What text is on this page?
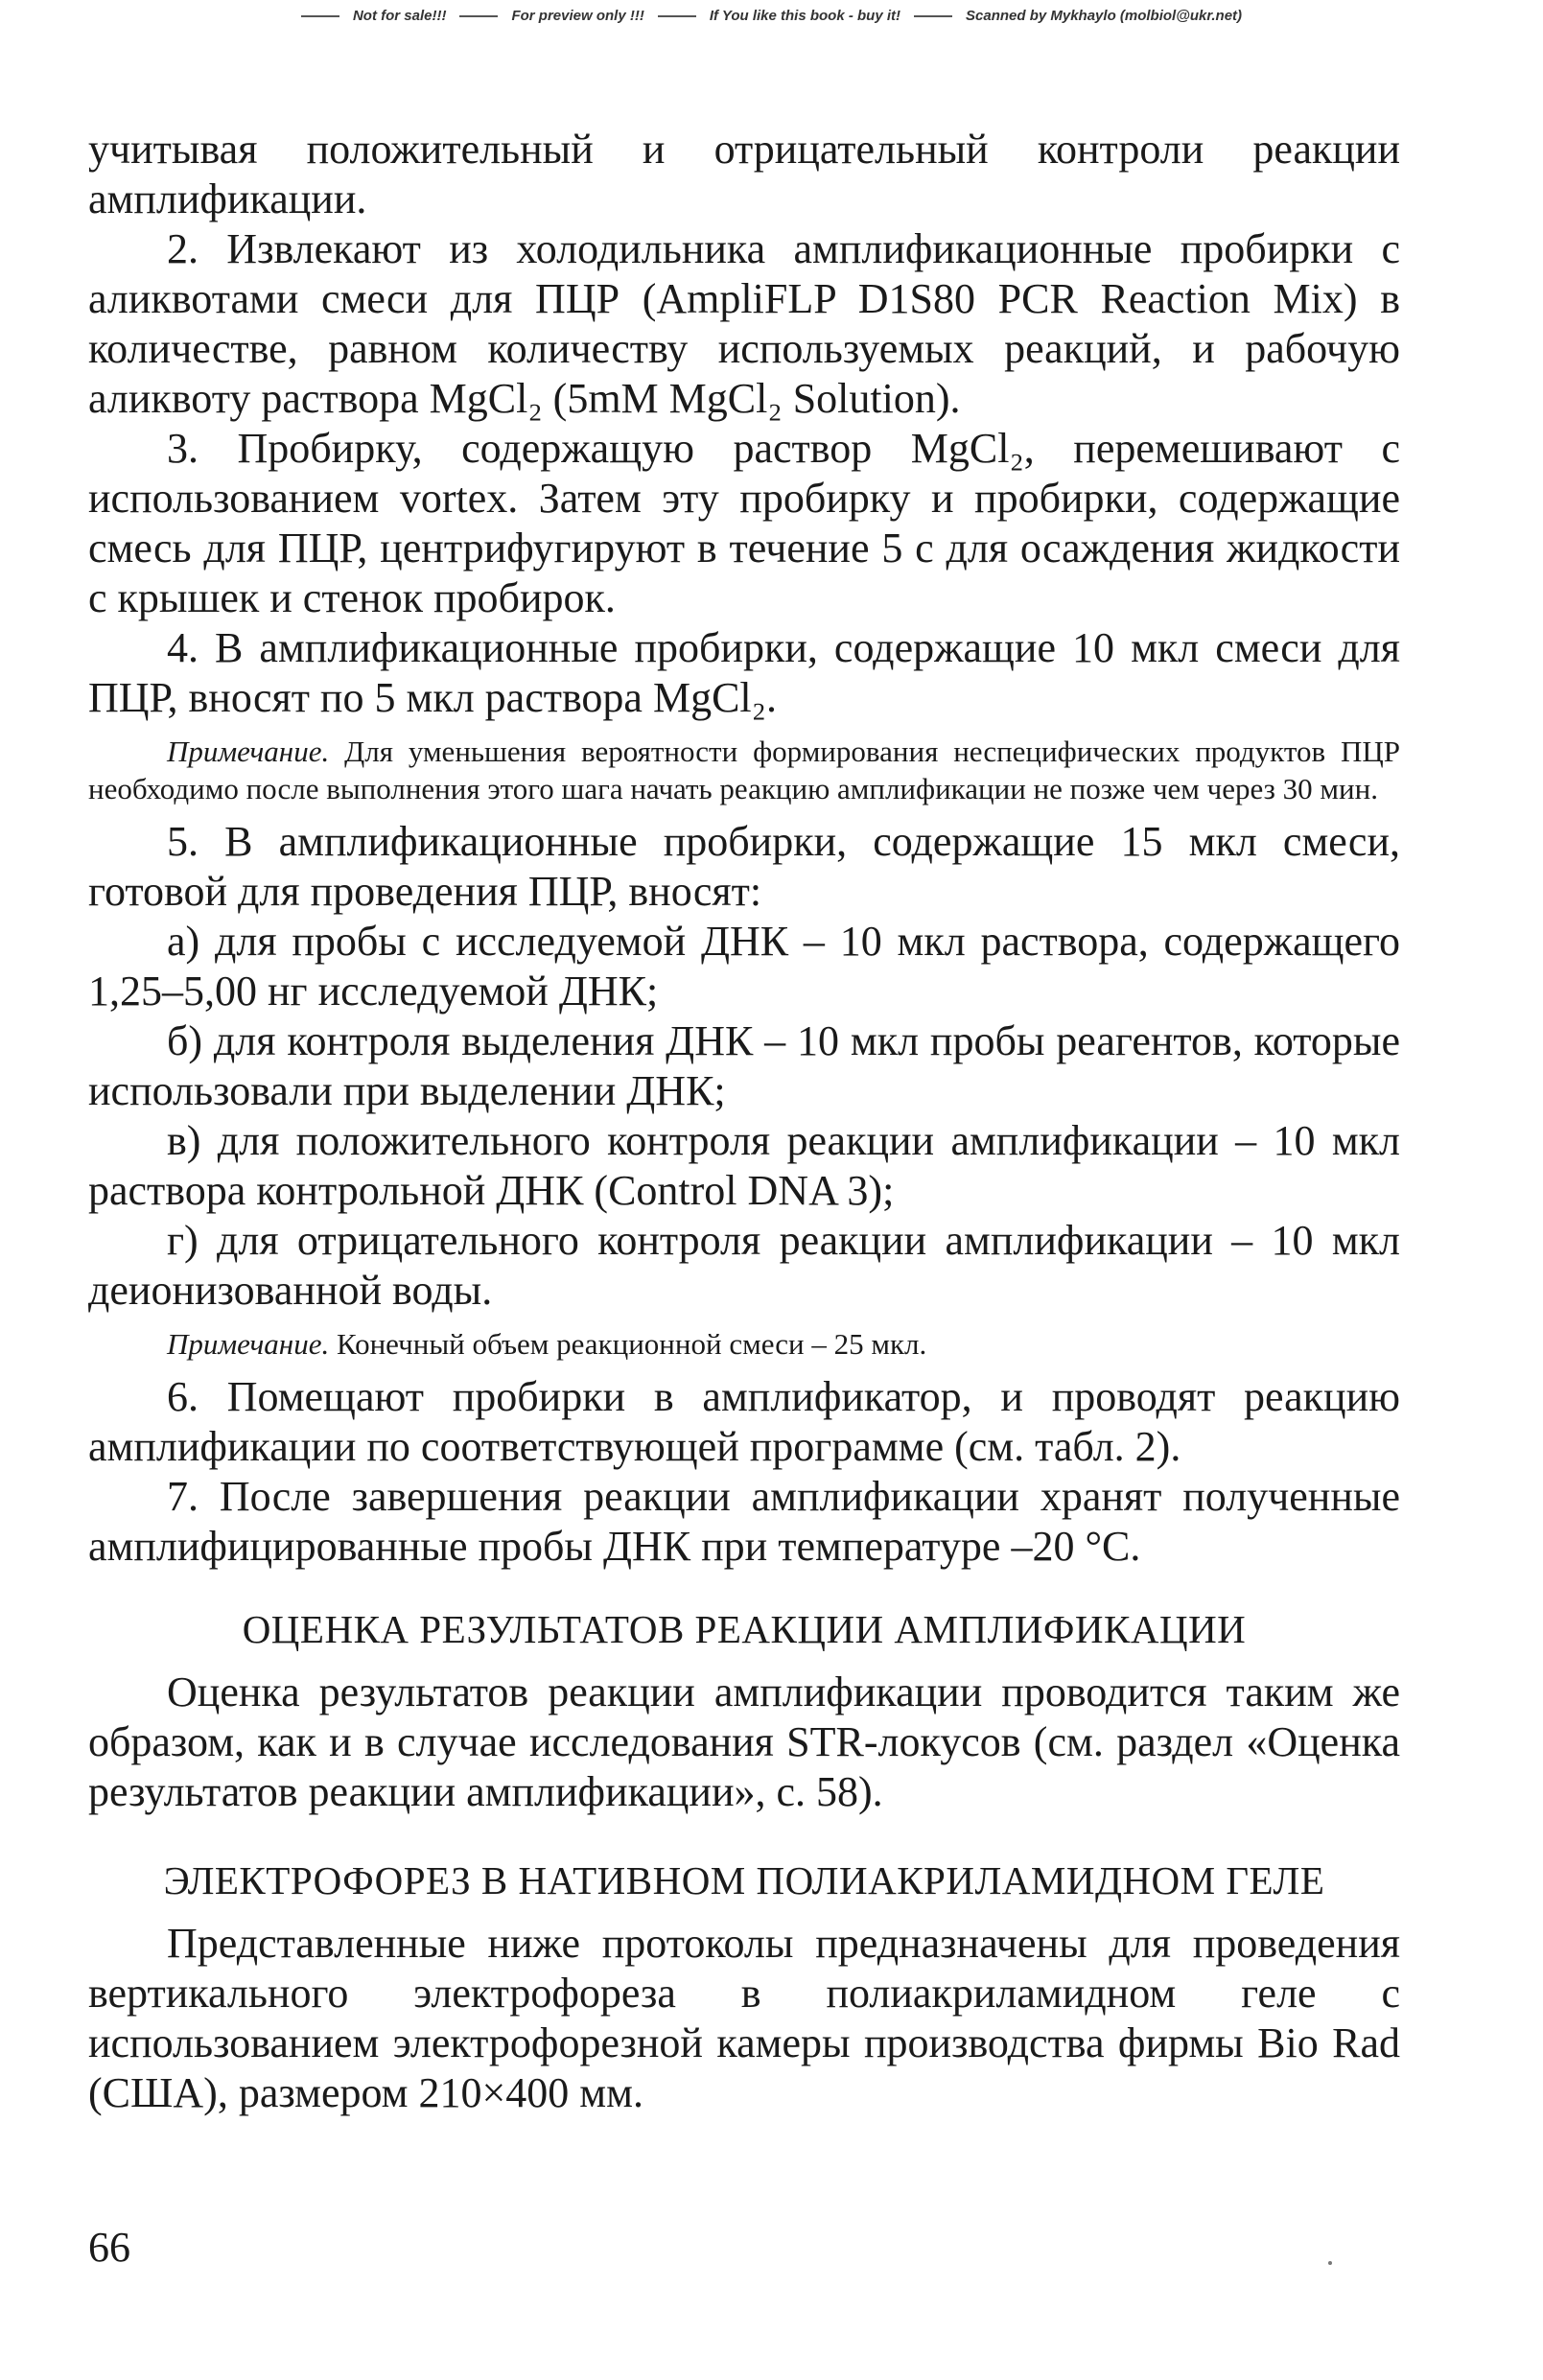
Not for sale!!!	For preview only !!!	If You like this book - buy it!	Scanned by Mykhaylo (molbiol@ukr.net)

учитывая положительный и отрицательный контроли реакции амплификации.

2. Извлекают из холодильника амплификационные пробирки с аликвотами смеси для ПЦР (AmpliFLP D1S80 PCR Reaction Mix) в количестве, равном количеству используемых реакций, и рабочую аликвоту раствора MgCl₂ (5mM MgCl₂ Solution).

3. Пробирку, содержащую раствор MgCl₂, перемешивают с использованием vortex. Затем эту пробирку и пробирки, содержащие смесь для ПЦР, центрифугируют в течение 5 с для осаждения жидкости с крышек и стенок пробирок.

4. В амплификационные пробирки, содержащие 10 мкл смеси для ПЦР, вносят по 5 мкл раствора MgCl₂.

Примечание. Для уменьшения вероятности формирования неспецифических продуктов ПЦР необходимо после выполнения этого шага начать реакцию амплификации не позже чем через 30 мин.

5. В амплификационные пробирки, содержащие 15 мкл смеси, готовой для проведения ПЦР, вносят:

а) для пробы с исследуемой ДНК – 10 мкл раствора, содержащего 1,25–5,00 нг исследуемой ДНК;

б) для контроля выделения ДНК – 10 мкл пробы реагентов, которые использовали при выделении ДНК;

в) для положительного контроля реакции амплификации – 10 мкл раствора контрольной ДНК (Control DNA 3);

г) для отрицательного контроля реакции амплификации – 10 мкл деионизованной воды.

Примечание. Конечный объем реакционной смеси – 25 мкл.

6. Помещают пробирки в амплификатор, и проводят реакцию амплификации по соответствующей программе (см. табл. 2).

7. После завершения реакции амплификации хранят полученные амплифицированные пробы ДНК при температуре –20 °С.

ОЦЕНКА РЕЗУЛЬТАТОВ РЕАКЦИИ АМПЛИФИКАЦИИ

Оценка результатов реакции амплификации проводится таким же образом, как и в случае исследования STR-локусов (см. раздел «Оценка результатов реакции амплификации», с. 58).

ЭЛЕКТРОФОРЕЗ В НАТИВНОМ ПОЛИАКРИЛАМИДНОМ ГЕЛЕ

Представленные ниже протоколы предназначены для проведения вертикального электрофореза в полиакриламидном геле с использованием электрофорезной камеры производства фирмы Bio Rad (США), размером 210×400 мм.

66
